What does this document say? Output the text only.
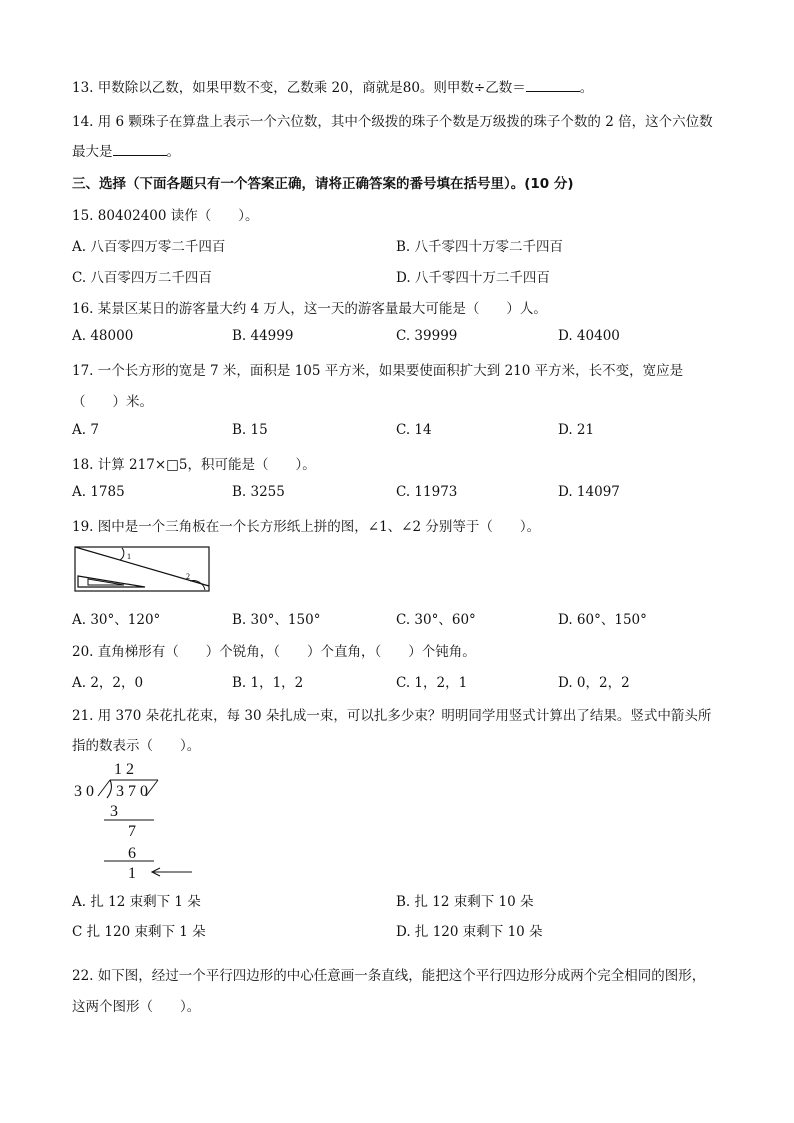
13. 甲数除以乙数，如果甲数不变，乙数乘 20，商就是80。则甲数÷乙数＝	。
14. 用 6 颗珠子在算盘上表示一个六位数，其中个级拨的珠子个数是万级拨的珠子个数的 2 倍，这个六位数
最大是	。
三、选择（下面各题只有一个答案正确，请将正确答案的番号填在括号里）。(10 分)
15. 80402400 读作（　　）。
A. 八百零四万零二千四百	B. 八千零四十万零二千四百
C. 八百零四万二千四百	D. 八千零四十万二千四百
16. 某景区某日的游客量大约 4 万人，这一天的游客量最大可能是（　　）人。
A. 48000	B. 44999	C. 39999	D. 40400
17. 一个长方形的宽是 7 米，面积是 105 平方米，如果要使面积扩大到 210 平方米，长不变，宽应是
（　　）米。
A. 7	B. 15	C. 14	D. 21
18. 计算 217×□5，积可能是（　　）。
A. 1785	B. 3255	C. 11973	D. 14097
19. 图中是一个三角板在一个长方形纸上拼的图，∠1、∠2 分别等于（　　）。
1
2
A. 30°、120°	B. 30°、150°	C. 30°、60°	D. 60°、150°
20. 直角梯形有（　　）个锐角，（　　）个直角，（　　）个钝角。
A. 2，2，0	B. 1，1，2	C. 1，2，1	D. 0，2，2
21. 用 370 朵花扎花束，每 30 朵扎成一束，可以扎多少束？明明同学用竖式计算出了结果。竖式中箭头所
指的数表示（　　）。
1 2
3 0 3 7 0
3
7
6
1
A. 扎 12 束剩下 1 朵	B. 扎 12 束剩下 10 朵
C 扎 120 束剩下 1 朵	D. 扎 120 束剩下 10 朵
22. 如下图，经过一个平行四边形的中心任意画一条直线，能把这个平行四边形分成两个完全相同的图形，
这两个图形（　　）。
